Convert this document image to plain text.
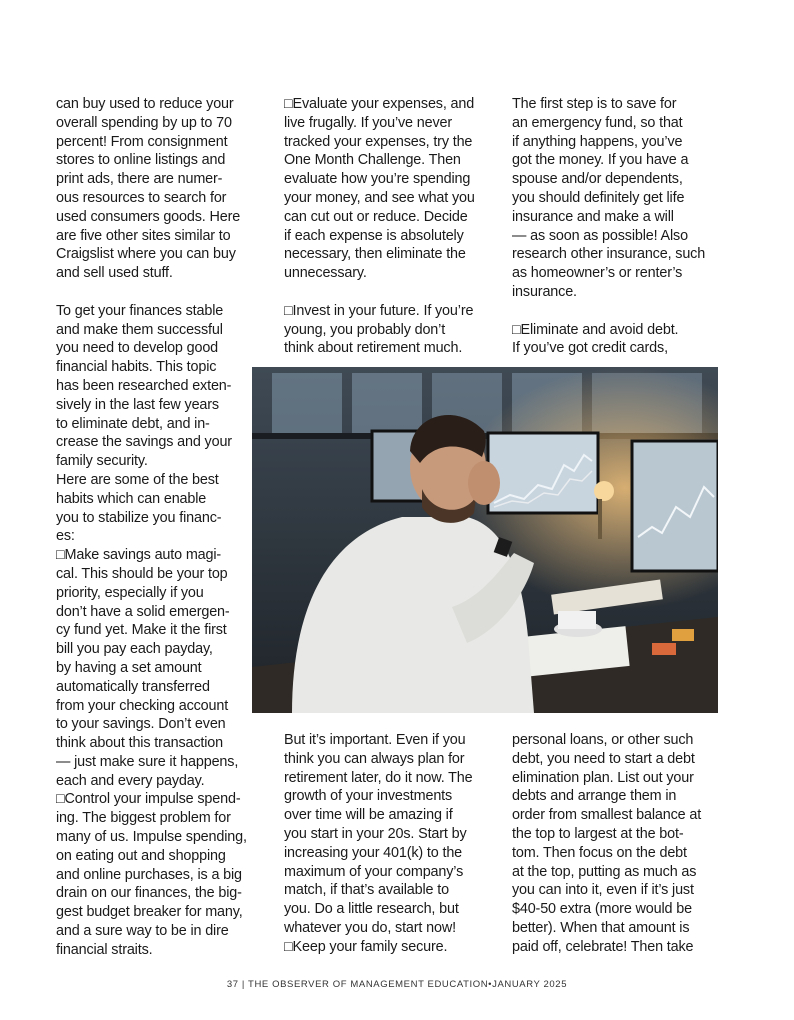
can buy used to reduce your
overall spending by up to 70
percent! From consignment
stores to online listings and
print ads, there are numer-
ous resources to search for
used consumers goods. Here
are five other sites similar to
Craigslist where you can buy
and sell used stuff.

To get your finances stable
and make them successful
you need to develop good
financial habits. This topic
has been researched exten-
sively in the last few years
to eliminate debt, and in-
crease the savings and your
family security.
Here are some of the best
habits which can enable
you to stabilize you financ-
es:

□Make savings auto magi-
cal. This should be your top
priority, especially if you
don’t have a solid emergen-
cy fund yet. Make it the first
bill you pay each payday,
by having a set amount
automatically transferred
from your checking account
to your savings. Don’t even
think about this transaction
— just make sure it happens,
each and every payday.

□Control your impulse spend-
ing. The biggest problem for
many of us. Impulse spending,
on eating out and shopping
and online purchases, is a big
drain on our finances, the big-
gest budget breaker for many,
and a sure way to be in dire
financial straits.

□Evaluate your expenses, and
live frugally. If you’ve never
tracked your expenses, try the
One Month Challenge. Then
evaluate how you’re spending
your money, and see what you
can cut out or reduce. Decide
if each expense is absolutely
necessary, then eliminate the
unnecessary.

□Invest in your future. If you’re
young, you probably don’t
think about retirement much.

The first step is to save for
an emergency fund, so that
if anything happens, you’ve
got the money. If you have a
spouse and/or dependents,
you should definitely get life
insurance and make a will
— as soon as possible! Also
research other insurance, such
as homeowner’s or renter’s
insurance.

□Eliminate and avoid debt.
If you’ve got credit cards,

But it’s important. Even if you
think you can always plan for
retirement later, do it now. The
growth of your investments
over time will be amazing if
you start in your 20s. Start by
increasing your 401(k) to the
maximum of your company’s
match, if that’s available to
you. Do a little research, but
whatever you do, start now!

□Keep your family secure.

personal loans, or other such
debt, you need to start a debt
elimination plan. List out your
debts and arrange them in
order from smallest balance at
the top to largest at the bot-
tom. Then focus on the debt
at the top, putting as much as
you can into it, even if it’s just
$40-50 extra (more would be
better). When that amount is
paid off, celebrate! Then take

37 | THE OBSERVER OF MANAGEMENT EDUCATION•JANUARY 2025
